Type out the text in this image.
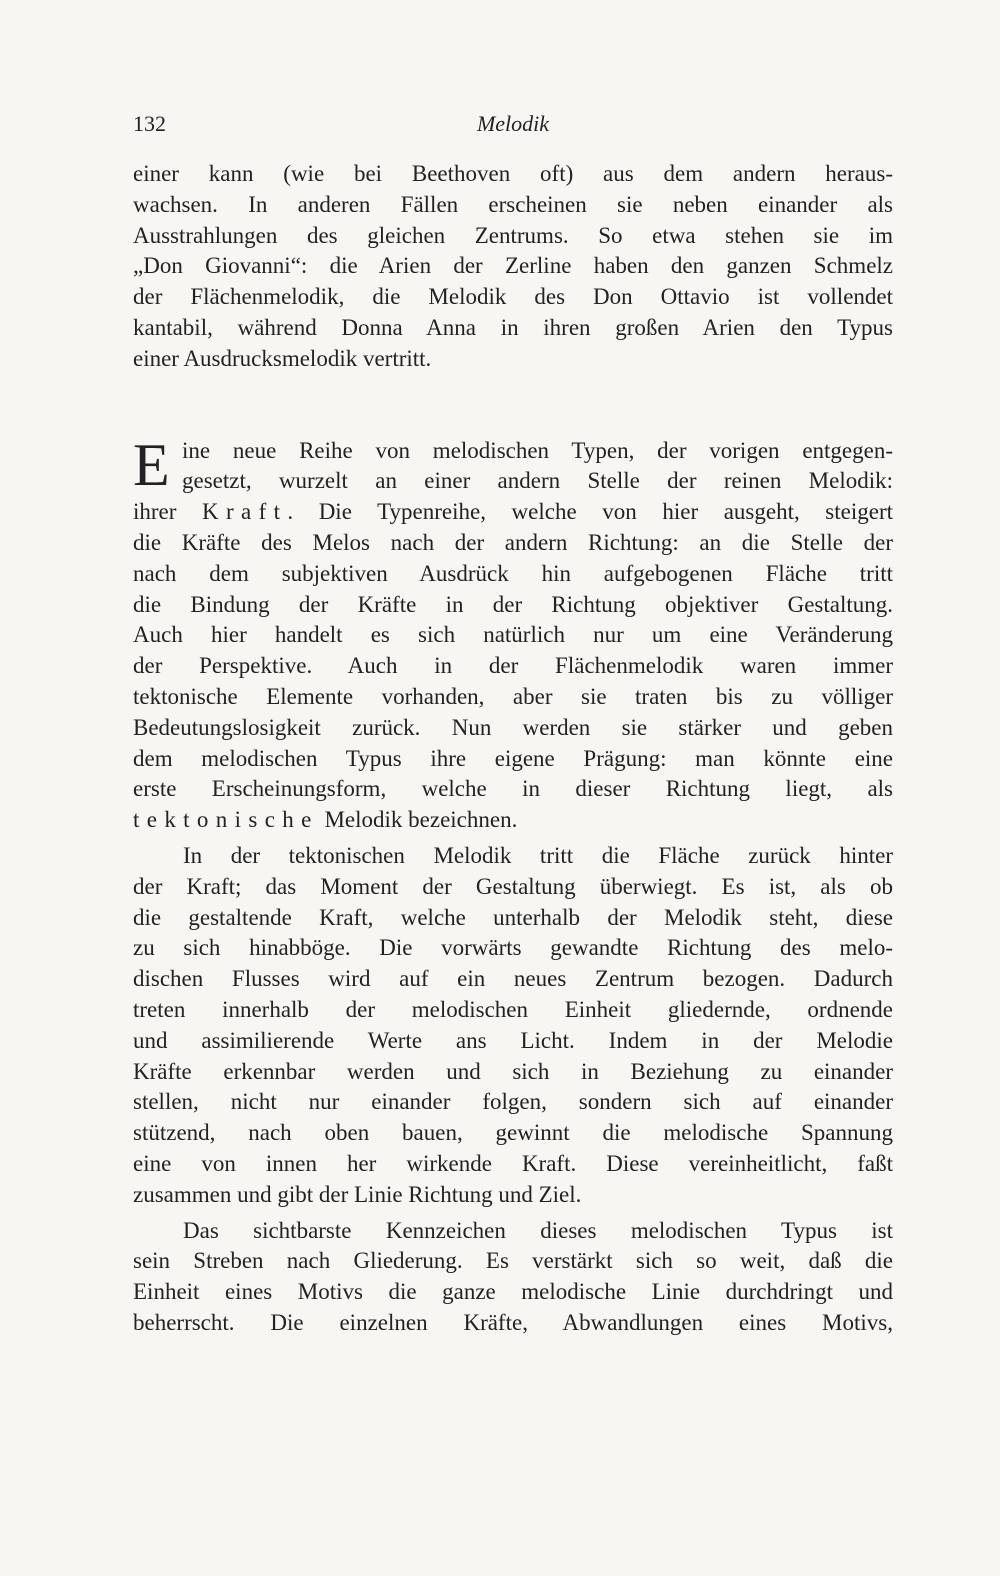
132	Melodik
einer kann (wie bei Beethoven oft) aus dem andern heraus-
wachsen. In anderen Fällen erscheinen sie neben einander als
Ausstrahlungen des gleichen Zentrums. So etwa stehen sie im
„Don Giovanni“: die Arien der Zerline haben den ganzen Schmelz
der Flächenmelodik, die Melodik des Don Ottavio ist vollendet
kantabil, während Donna Anna in ihren großen Arien den Typus
einer Ausdrucksmelodik vertritt.
E ine neue Reihe von melodischen Typen, der vorigen entgegen-
gesetzt, wurzelt an einer andern Stelle der reinen Melodik:
ihrer Kraft. Die Typenreihe, welche von hier ausgeht, steigert
die Kräfte des Melos nach der andern Richtung: an die Stelle der
nach dem subjektiven Ausdrück hin aufgebogenen Fläche tritt
die Bindung der Kräfte in der Richtung objektiver Gestaltung.
Auch hier handelt es sich natürlich nur um eine Veränderung
der Perspektive. Auch in der Flächenmelodik waren immer
tektonische Elemente vorhanden, aber sie traten bis zu völliger
Bedeutungslosigkeit zurück. Nun werden sie stärker und geben
dem melodischen Typus ihre eigene Prägung: man könnte eine
erste Erscheinungsform, welche in dieser Richtung liegt, als
tektonische Melodik bezeichnen.
In der tektonischen Melodik tritt die Fläche zurück hinter
der Kraft; das Moment der Gestaltung überwiegt. Es ist, als ob
die gestaltende Kraft, welche unterhalb der Melodik steht, diese
zu sich hinabböge. Die vorwärts gewandte Richtung des melo-
dischen Flusses wird auf ein neues Zentrum bezogen. Dadurch
treten innerhalb der melodischen Einheit gliedernde, ordnende
und assimilierende Werte ans Licht. Indem in der Melodie
Kräfte erkennbar werden und sich in Beziehung zu einander
stellen, nicht nur einander folgen, sondern sich auf einander
stützend, nach oben bauen, gewinnt die melodische Spannung
eine von innen her wirkende Kraft. Diese vereinheitlicht, faßt
zusammen und gibt der Linie Richtung und Ziel.
Das sichtbarste Kennzeichen dieses melodischen Typus ist
sein Streben nach Gliederung. Es verstärkt sich so weit, daß die
Einheit eines Motivs die ganze melodische Linie durchdringt und
beherrscht. Die einzelnen Kräfte, Abwandlungen eines Motivs,
